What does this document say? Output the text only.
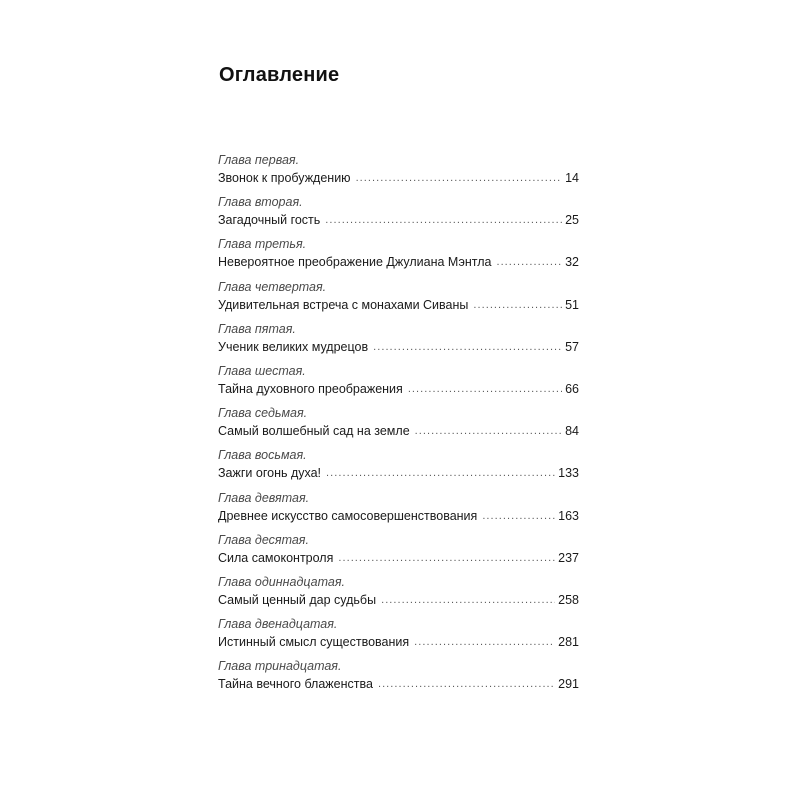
Оглавление
Глава первая.
Звонок к пробуждению . . .	14
Глава вторая.
Загадочный гость . . .	25
Глава третья.
Невероятное преображение Джулиана Мэнтла . . .	32
Глава четвертая.
Удивительная встреча с монахами Сиваны . . .	51
Глава пятая.
Ученик великих мудрецов . . .	57
Глава шестая.
Тайна духовного преображения . . .	66
Глава седьмая.
Самый волшебный сад на земле . . .	84
Глава восьмая.
Зажги огонь духа! . . .	133
Глава девятая.
Древнее искусство самосовершенствования . . .	163
Глава десятая.
Сила самоконтроля . . .	237
Глава одиннадцатая.
Самый ценный дар судьбы . . .	258
Глава двенадцатая.
Истинный смысл существования . . .	281
Глава тринадцатая.
Тайна вечного блаженства . . .	291
